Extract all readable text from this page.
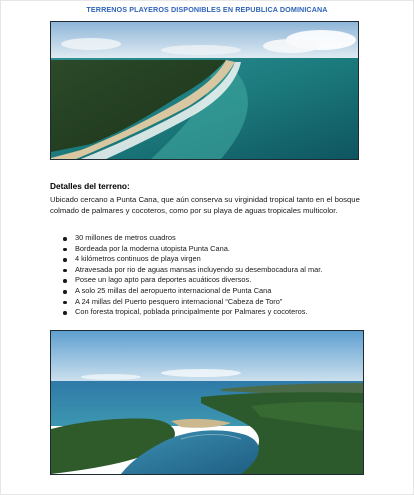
TERRENOS PLAYEROS DISPONIBLES EN REPUBLICA DOMINICANA
Detalles del terreno:
Ubicado cercano a Punta Cana, que aún conserva su virginidad tropical tanto en el bosque colmado de palmares y cocoteros, como por su playa de aguas tropicales multicolor.
30 millones de metros cuadros
Bordeada por la moderna utopista Punta Cana.
4 kilómetros continuos de playa virgen
Atravesada por rio de aguas mansas incluyendo su desembocadura al mar.
Posee un lago apto para deportes acuáticos diversos.
A solo 25 millas del aeropuerto internacional de Punta Cana
A 24 millas del Puerto pesquero internacional “Cabeza de Toro”
Con foresta tropical, poblada principalmente por Palmares y cocoteros.
